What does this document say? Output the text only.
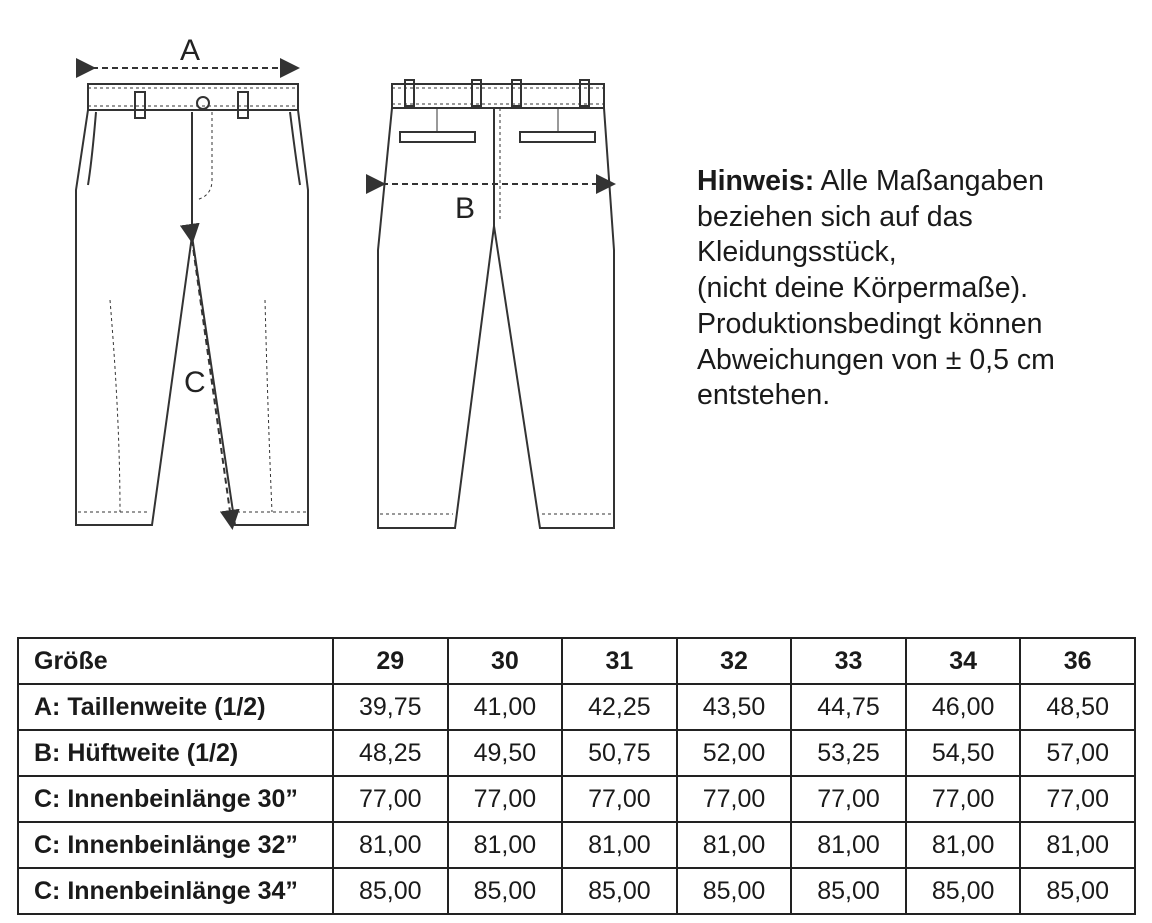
A
C
B
Hinweis: Alle Maßangaben
beziehen sich auf das
Kleidungsstück,
(nicht deine Körpermaße).
Produktionsbedingt können
Abweichungen von ± 0,5 cm
entstehen.
Größe	29	30	31	32	33	34	36
A: Taillenweite (1/2)	39,75	41,00	42,25	43,50	44,75	46,00	48,50
B: Hüftweite (1/2)	48,25	49,50	50,75	52,00	53,25	54,50	57,00
C: Innenbeinlänge 30”	77,00	77,00	77,00	77,00	77,00	77,00	77,00
C: Innenbeinlänge 32”	81,00	81,00	81,00	81,00	81,00	81,00	81,00
C: Innenbeinlänge 34”	85,00	85,00	85,00	85,00	85,00	85,00	85,00
